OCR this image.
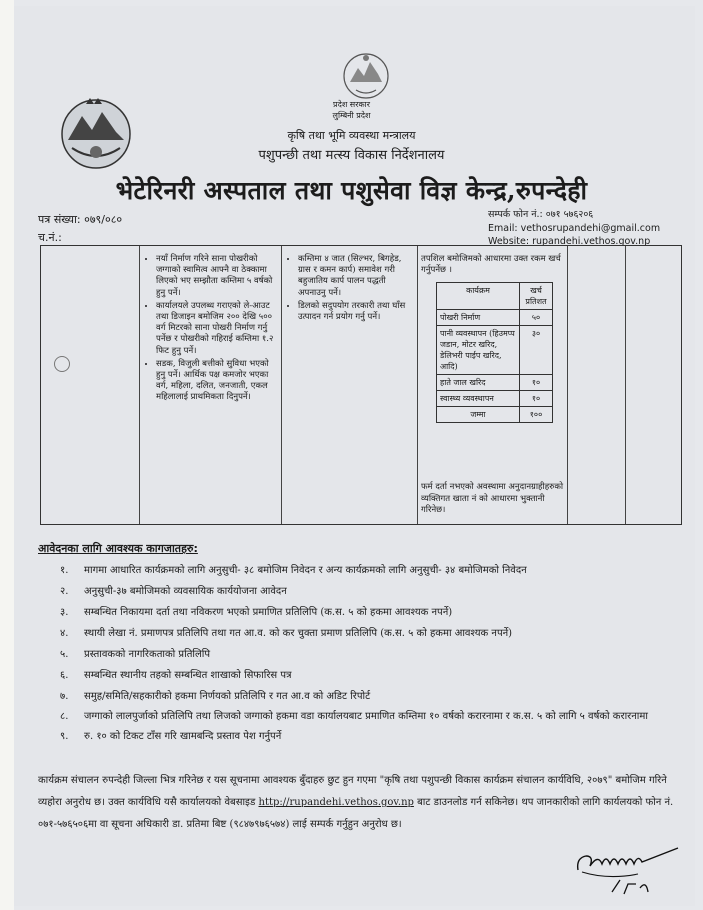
प्रदेश सरकार
लुम्बिनी प्रदेश
कृषि तथा भूमि व्यवस्था मन्त्रालय
पशुपन्छी तथा मत्स्य विकास निर्देशनालय
भेटेरिनरी अस्पताल तथा पशुसेवा विज्ञ केन्द्र,रुपन्देही
पत्र संख्या: ०७९/०८०
च.नं.:
सम्पर्क फोन नं.: ०७१ ५७६२०६
Email: vethosrupandehi@gmail.com
Website: rupandehi.vethos.gov.np
• नयाँ निर्माण गरिने साना पोखरीको जग्गाको स्वामित्व आफ्नै वा ठेक्कामा लिएको भए सम्झौता कम्तिमा ५ वर्षको हुनु पर्ने।
• कार्यालयले उपलब्ध गराएको ले-आउट तथा डिजाइन बमोजिम २०० देखि ५०० वर्ग मिटरको साना पोखरी निर्माण गर्नु पर्नेछ र पोखरीको गहिराई कम्तिमा १.२ फिट हुनु पर्ने।
• सडक, विजुली बत्तीको सुविधा भएको हुनु पर्ने। आर्थिक पक्ष कमजोर भएका वर्ग, महिला, दलित, जनजाती, एकल महिलालाई प्राथमिकता दिनुपर्ने।
• कम्तिमा ४ जात (सिल्भर, बिगहेड, ग्रास र कमन कार्प) समावेश गरी बहुजातिय कार्प पालन पद्धती अपनाउनु पर्ने।
• डिलको सदुपयोग तरकारी तथा घाँस उत्पादन गर्न प्रयोग गर्नु पर्ने।
तपशिल बमोजिमको आधारमा उक्त रकम खर्च गर्नुपर्नेछ ।
कार्यक्रम	खर्च प्रतिशत
पोखरी निर्माण	५०
पानी व्यवस्थापन (हिउमप्प जडान, मोटर खरिद, डेलिभरी पाईप खरिद, आदि)	३०
हाते जाल खरिद	१०
स्वास्थ्य व्यवस्थापन	१०
जम्मा	१००
फर्म दर्ता नभएको अवस्थामा अनुदानग्राहीहरुको व्यक्तिगत खाता नं को आधारमा भुक्तानी गरिनेछ।
आवेदनका लागि आवश्यक कागजातहरु:
१.	मागमा आधारित कार्यक्रमको लागि अनुसुची- ३८ बमोजिम निवेदन र अन्य कार्यक्रमको लागि अनुसुची- ३४ बमोजिमको निवेदन
२.	अनुसुची-३७ बमोजिमको व्यवसायिक कार्ययोजना आवेदन
३.	सम्बन्धित निकायमा दर्ता तथा नविकरण भएको प्रमाणित प्रतिलिपि (क.स. ५ को हकमा आवश्यक नपर्ने)
४.	स्थायी लेखा नं. प्रमाणपत्र प्रतिलिपि तथा गत आ.व. को कर चुक्ता प्रमाण प्रतिलिपि (क.स. ५ को हकमा आवश्यक नपर्ने)
५.	प्रस्तावकको नागरिकताको प्रतिलिपि
६.	सम्बन्धित स्थानीय तहको सम्बन्धित शाखाको सिफारिस पत्र
७.	समुह/समिति/सहकारीको हकमा निर्णयको प्रतिलिपि र गत आ.व को अडिट रिपोर्ट
८.	जग्गाको लालपुर्जाको प्रतिलिपि तथा लिजको जग्गाको हकमा वडा कार्यालयबाट प्रमाणित कम्तिमा १० वर्षको करारनामा र क.स. ५ को लागि ५ वर्षको करारनामा
९.	रु. १० को टिकट टाँस गरि खामबन्दि प्रस्ताव पेश गर्नुपर्ने
कार्यक्रम संचालन रुपन्देही जिल्ला भित्र गरिनेछ र यस सूचनामा आवश्यक बुँदाहरु छुट हुन गएमा "कृषि तथा पशुपन्छी विकास कार्यक्रम संचालन कार्यविधि, २०७९" बमोजिम गरिने व्यहोरा अनुरोध छ। उक्त कार्यविधि यसै कार्यालयको वेबसाइड http://rupandehi.vethos.gov.np बाट डाउनलोड गर्न सकिनेछ। थप जानकारीको लागि कार्यलयको फोन नं. ०७१-५७६५०६मा वा सूचना अधिकारी डा. प्रतिमा बिष्ट (९८४७९७६५७४) लाई सम्पर्क गर्नुहुन अनुरोध छ।
